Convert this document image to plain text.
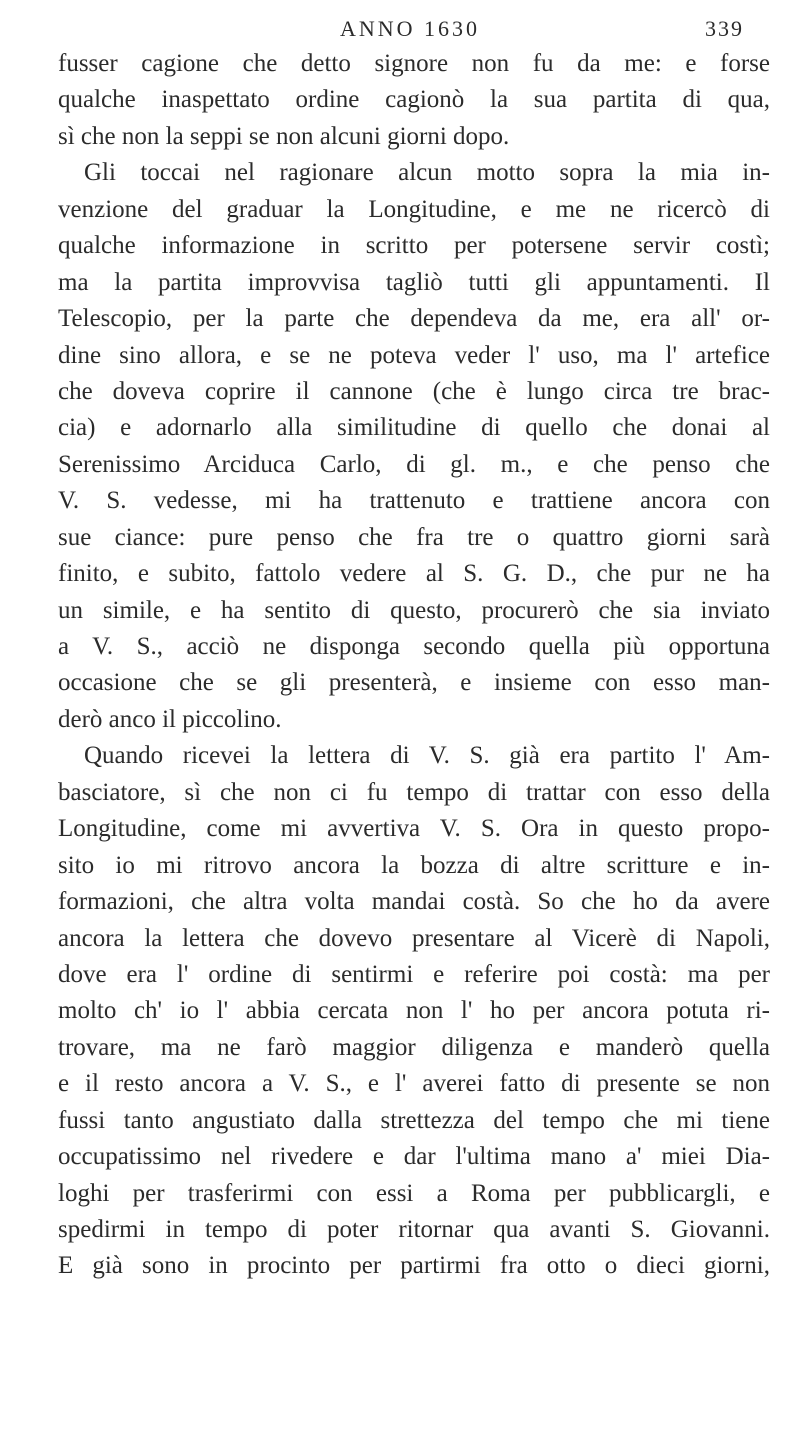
ANNO 1630	339
fusser cagione che detto signore non fu da me: e forse
qualche inaspettato ordine cagionò la sua partita di qua,
sì che non la seppi se non alcuni giorni dopo.
Gli toccai nel ragionare alcun motto sopra la mia in-
venzione del graduar la Longitudine, e me ne ricercò di
qualche informazione in scritto per potersene servir costì;
ma la partita improvvisa tagliò tutti gli appuntamenti. Il
Telescopio, per la parte che dependeva da me, era all' or-
dine sino allora, e se ne poteva veder l' uso, ma l' artefice
che doveva coprire il cannone (che è lungo circa tre brac-
cia) e adornarlo alla similitudine di quello che donai al
Serenissimo Arciduca Carlo, di gl. m., e che penso che
V. S. vedesse, mi ha trattenuto e trattiene ancora con
sue ciance: pure penso che fra tre o quattro giorni sarà
finito, e subito, fattolo vedere al S. G. D., che pur ne ha
un simile, e ha sentito di questo, procurerò che sia inviato
a V. S., acciò ne disponga secondo quella più opportuna
occasione che se gli presenterà, e insieme con esso man-
derò anco il piccolino.
Quando ricevei la lettera di V. S. già era partito l' Am-
basciatore, sì che non ci fu tempo di trattar con esso della
Longitudine, come mi avvertiva V. S. Ora in questo propo-
sito io mi ritrovo ancora la bozza di altre scritture e in-
formazioni, che altra volta mandai costà. So che ho da avere
ancora la lettera che dovevo presentare al Vicerè di Napoli,
dove era l' ordine di sentirmi e referire poi costà: ma per
molto ch' io l' abbia cercata non l' ho per ancora potuta ri-
trovare, ma ne farò maggior diligenza e manderò quella
e il resto ancora a V. S., e l' averei fatto di presente se non
fussi tanto angustiato dalla strettezza del tempo che mi tiene
occupatissimo nel rivedere e dar l'ultima mano a' miei Dia-
loghi per trasferirmi con essi a Roma per pubblicargli, e
spedirmi in tempo di poter ritornar qua avanti S. Giovanni.
E già sono in procinto per partirmi fra otto o dieci giorni,
